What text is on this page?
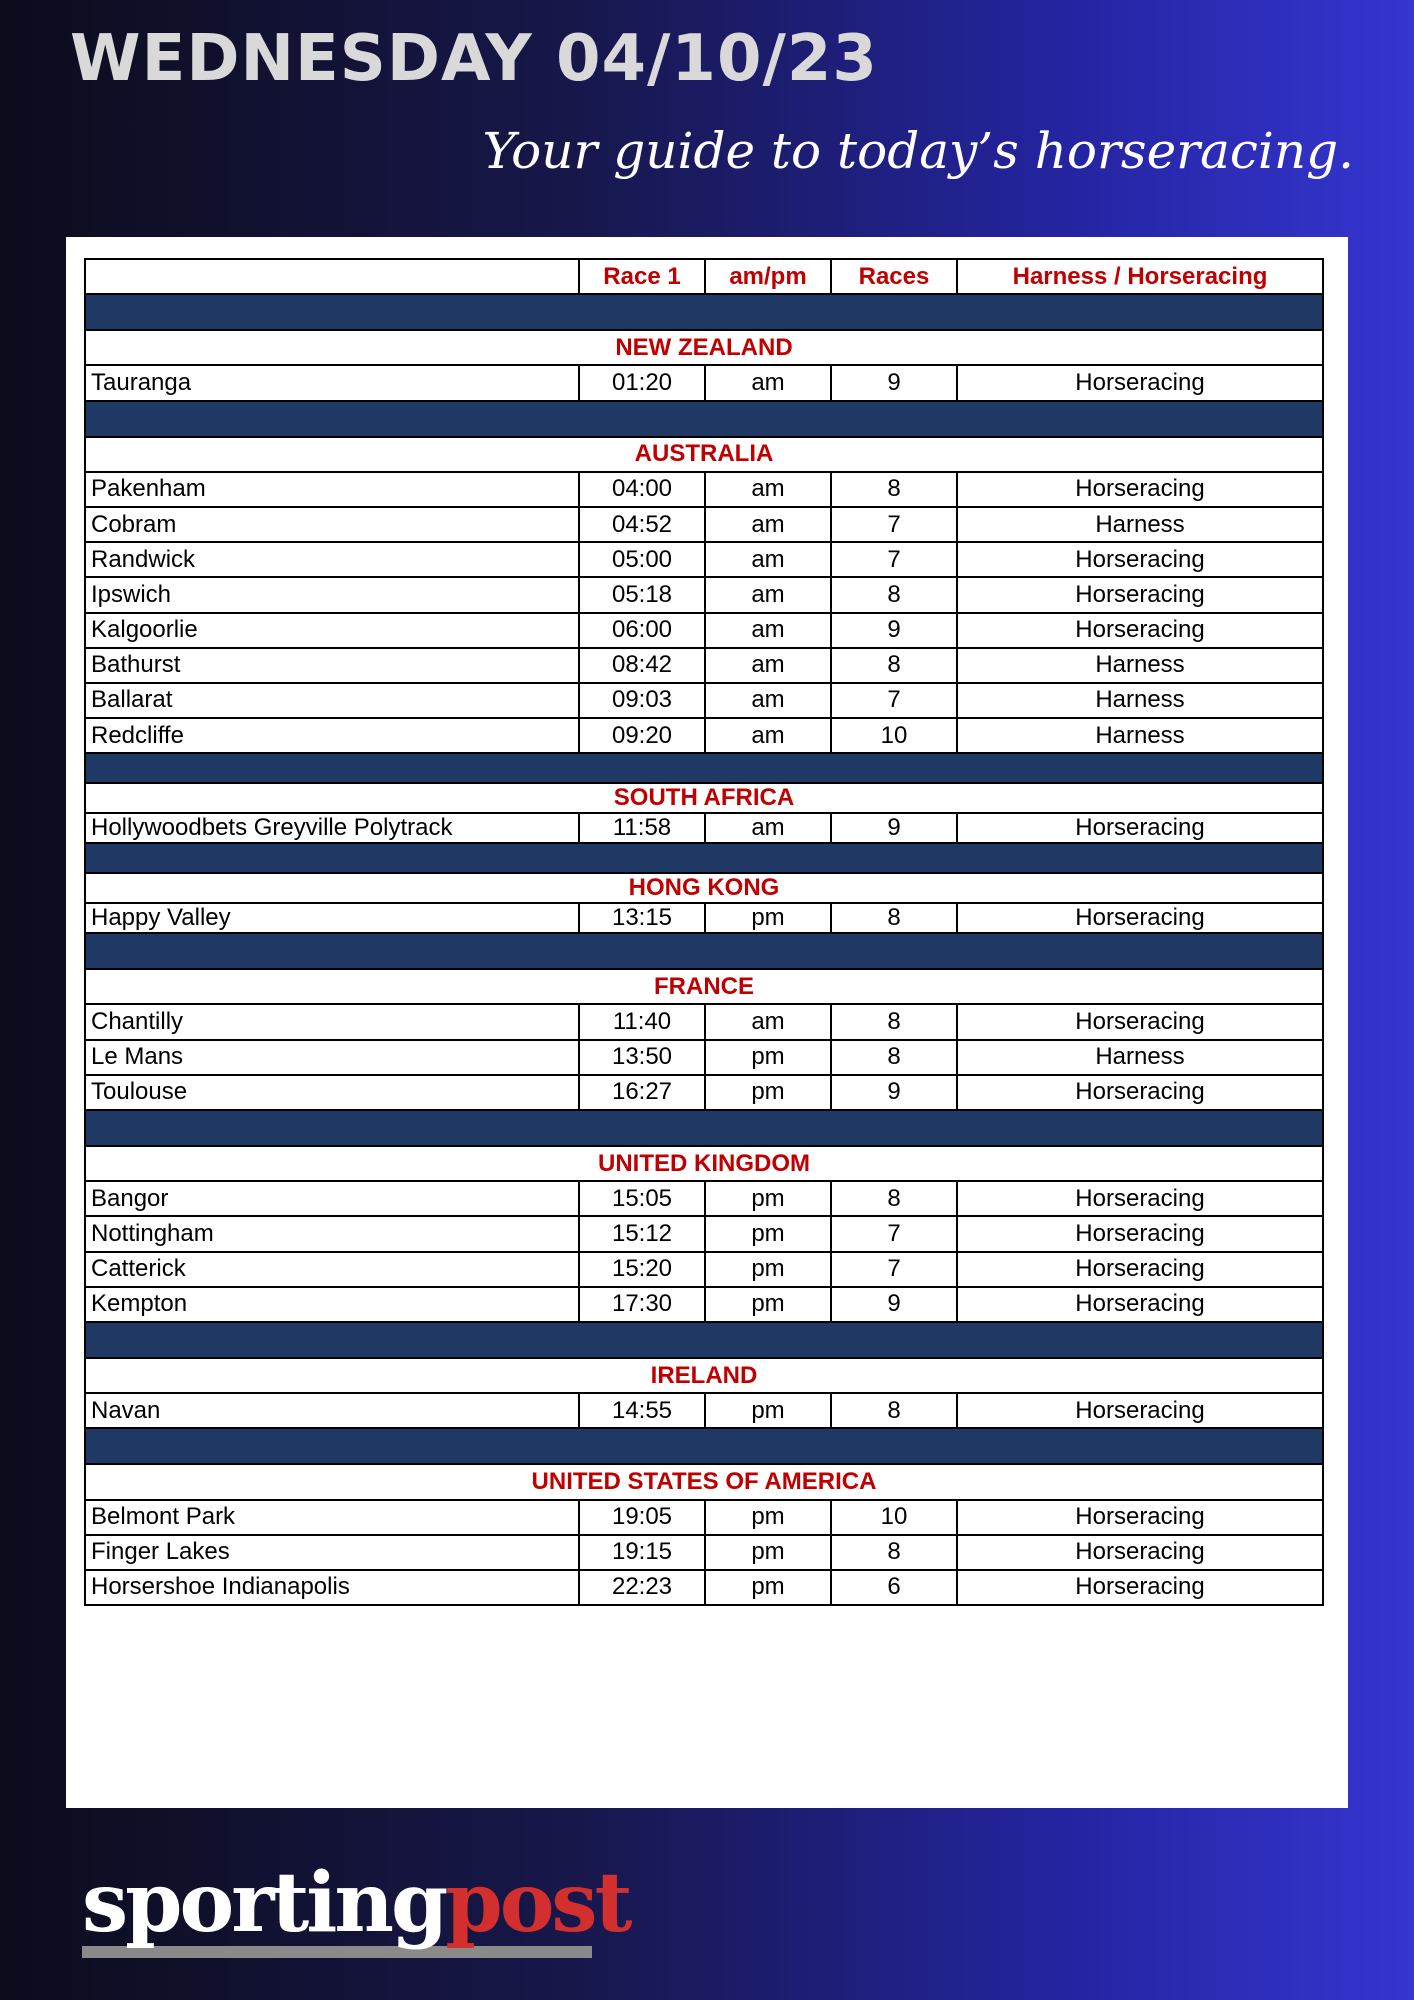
WEDNESDAY 04/10/23
Your guide to today’s horseracing.
	Race 1	am/pm	Races	Harness / Horseracing

NEW ZEALAND				
Tauranga	01:20	am	9	Horseracing

AUSTRALIA				
Pakenham	04:00	am	8	Horseracing
Cobram	04:52	am	7	Harness
Randwick	05:00	am	7	Horseracing
Ipswich	05:18	am	8	Horseracing
Kalgoorlie	06:00	am	9	Horseracing
Bathurst	08:42	am	8	Harness
Ballarat	09:03	am	7	Harness
Redcliffe	09:20	am	10	Harness

SOUTH AFRICA				
Hollywoodbets Greyville Polytrack	11:58	am	9	Horseracing

HONG KONG				
Happy Valley	13:15	pm	8	Horseracing

FRANCE				
Chantilly	11:40	am	8	Horseracing
Le Mans	13:50	pm	8	Harness
Toulouse	16:27	pm	9	Horseracing

UNITED KINGDOM				
Bangor	15:05	pm	8	Horseracing
Nottingham	15:12	pm	7	Horseracing
Catterick	15:20	pm	7	Horseracing
Kempton	17:30	pm	9	Horseracing

IRELAND				
Navan	14:55	pm	8	Horseracing

UNITED STATES OF AMERICA				
Belmont Park	19:05	pm	10	Horseracing
Finger Lakes	19:15	pm	8	Horseracing
Horsershoe Indianapolis	22:23	pm	6	Horseracing
sportingpost
